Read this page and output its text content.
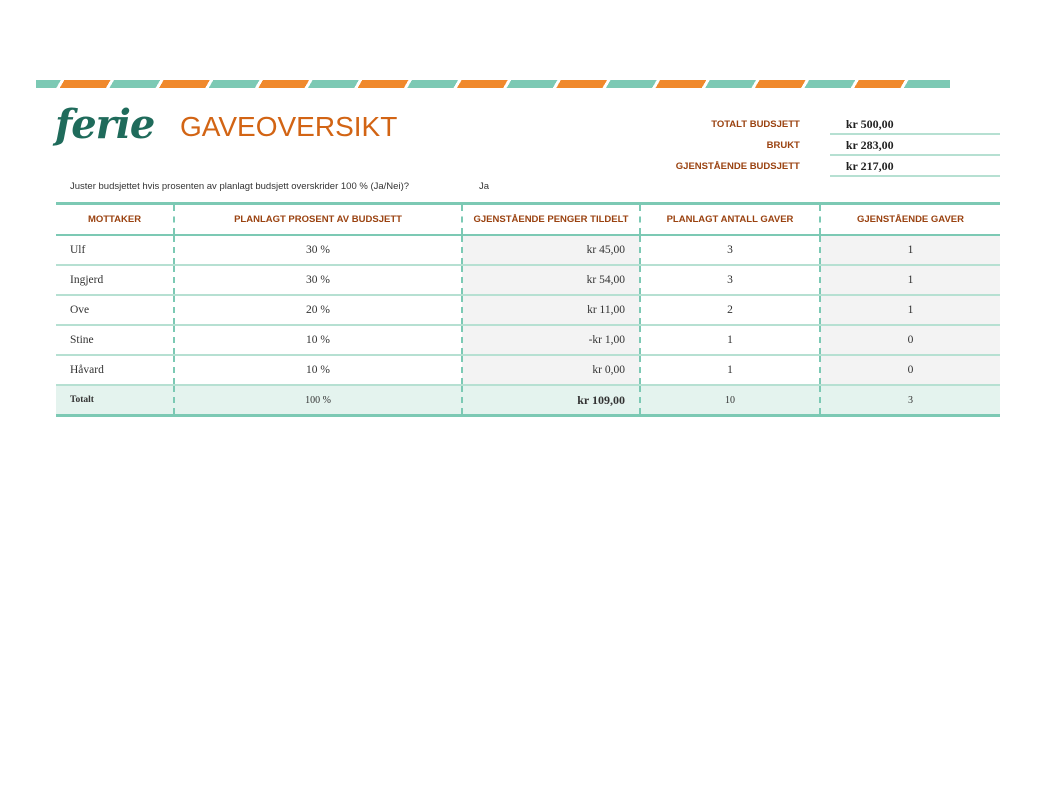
ferie GAVEOVERSIKT	TOTALT BUDSJETT	kr 500,00
BRUKT	kr 283,00
GJENSTÅENDE BUDSJETT	kr 217,00
Juster budsjettet hvis prosenten av planlagt budsjett overskrider 100 % (Ja/Nei)?	Ja
MOTTAKER	PLANLAGT PROSENT AV BUDSJETT	GJENSTÅENDE PENGER TILDELT	PLANLAGT ANTALL GAVER	GJENSTÅENDE GAVER
Ulf	30 %	kr 45,00	3	1
Ingjerd	30 %	kr 54,00	3	1
Ove	20 %	kr 11,00	2	1
Stine	10 %	-kr 1,00	1	0
Håvard	10 %	kr 0,00	1	0
Totalt	100 %	kr 109,00	10	3
